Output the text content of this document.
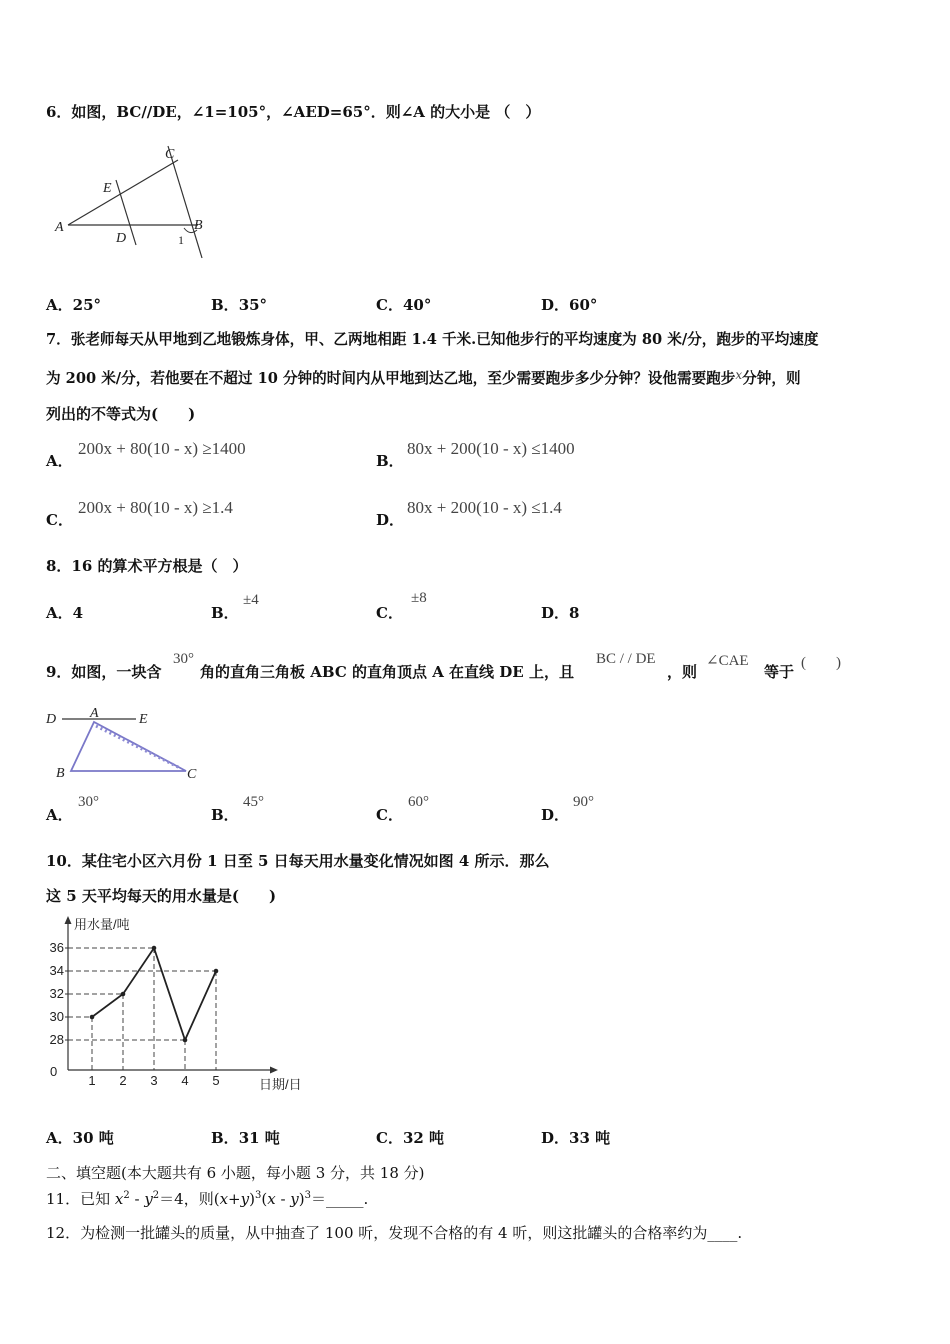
6．如图，BC//DE，∠1=105°，∠AED=65°．则∠A 的大小是 （　）
C
E
A
D
B
1
A．25°	B．35°	C．40°	D．60°
7．张老师每天从甲地到乙地锻炼身体，甲、乙两地相距 1.4 千米.已知他步行的平均速度为 80 米/分，跑步的平均速度
为 200 米/分，若他要在不超过 10 分钟的时间内从甲地到达乙地，至少需要跑步多少分钟？设他需要跑步$^x$分钟，则
列出的不等式为(　　)
A．
200x + 80(10 - x) ≥1400
B．
80x + 200(10 - x) ≤1400
C．
200x + 80(10 - x) ≥1.4
D．
80x + 200(10 - x) ≤1.4
8．16 的算术平方根是（　）
A．4	B．
±4
C．
±8
D．8
9．如图，一块含
30°
角的直角三角板 ABC 的直角顶点 A 在直线 DE 上，且
BC / / DE
，则
∠CAE
等于 (　　)
D A	E
B	C
A．
30°
B．
45°
C．
60°
D．
90°
10．某住宅小区六月份 1 日至 5 日每天用水量变化情况如图 4 所示．那么
这 5 天平均每天的用水量是(　　)
28
30
32
34
36
1 2 3 4 5
用水量/吨
日期/日
0
A．30 吨	B．31 吨	C．32 吨	D．33 吨
二、填空题(本大题共有 6 小题，每小题 3 分，共 18 分)
11．已知 $x^2 - y^2=4$，则$(x+y)^3(x$ - y)$^3$＝_____.
12．为检测一批罐头的质量，从中抽查了 100 听，发现不合格的有 4 听，则这批罐头的合格率约为____.
